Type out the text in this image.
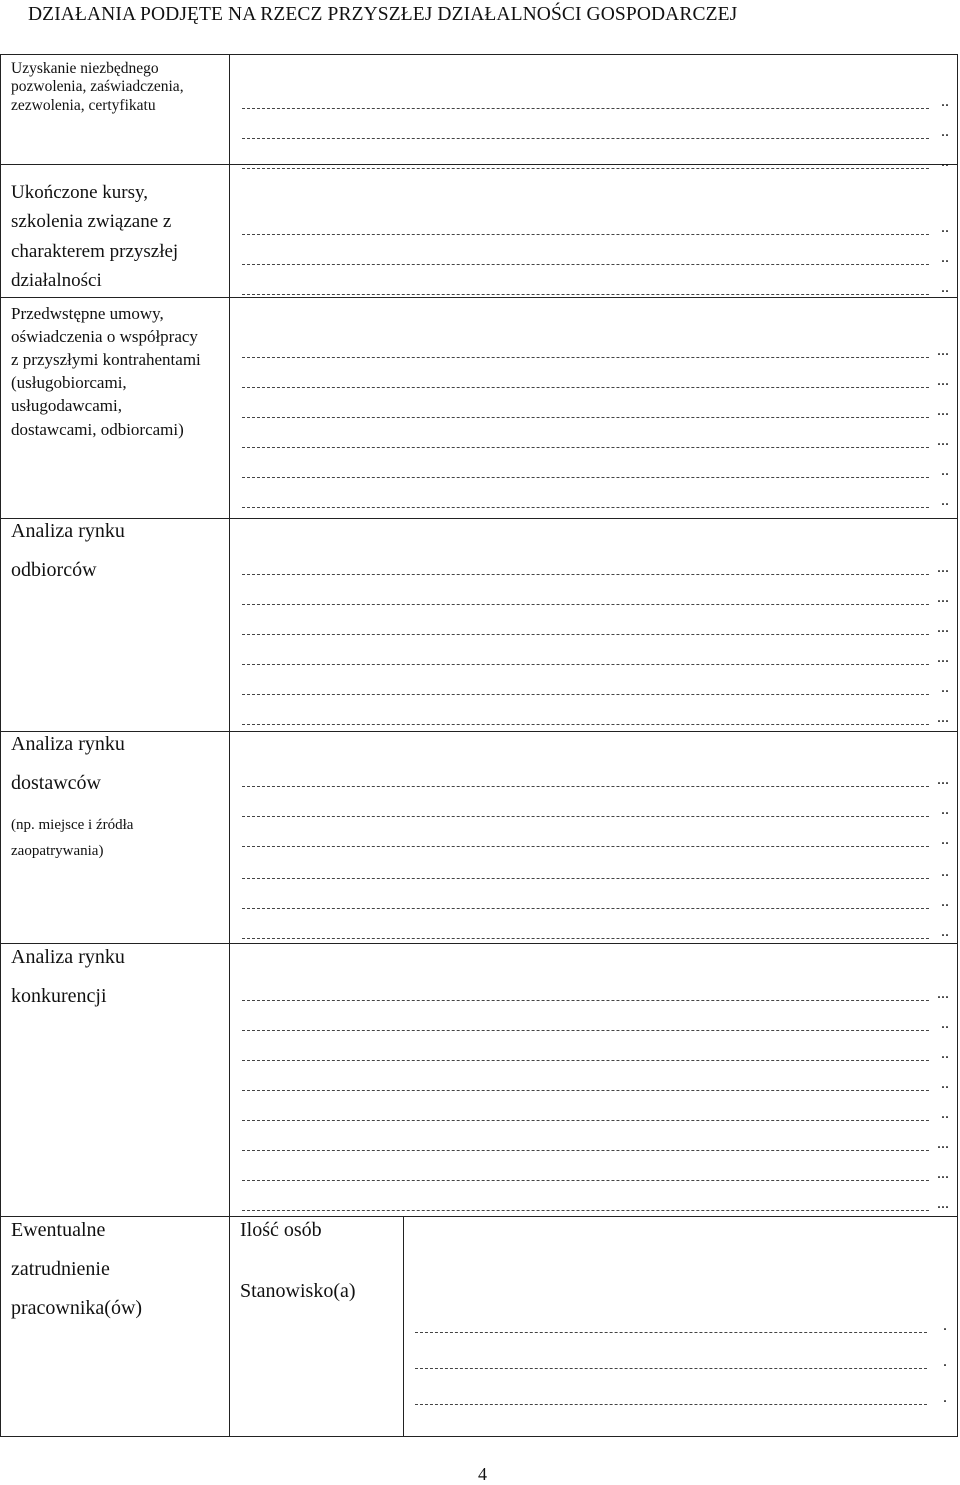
DZIAŁANIA PODJĘTE NA RZECZ PRZYSZŁEJ DZIAŁALNOŚCI GOSPODARCZEJ
Uzyskanie niezbędnego pozwolenia, zaświadczenia, zezwolenia, certyfikatu
Ukończone kursy, szkolenia związane z charakterem przyszłej działalności
Przedwstępne umowy, oświadczenia o współpracy z przyszłymi kontrahentami (usługobiorcami, usługodawcami, dostawcami, odbiorcami)
Analiza rynku
odbiorców
Analiza rynku
dostawców
(np. miejsce i źródła zaopatrywania)
Analiza rynku
konkurencji
Ewentualne
zatrudnienie
pracownika(ów)
Ilość osób
Stanowisko(a)
..
..
..
..
..
..
...
...
...
...
..
..
...
...
...
...
..
...
...
..
..
..
..
..
...
..
..
..
..
...
...
...
.
.
.
4
